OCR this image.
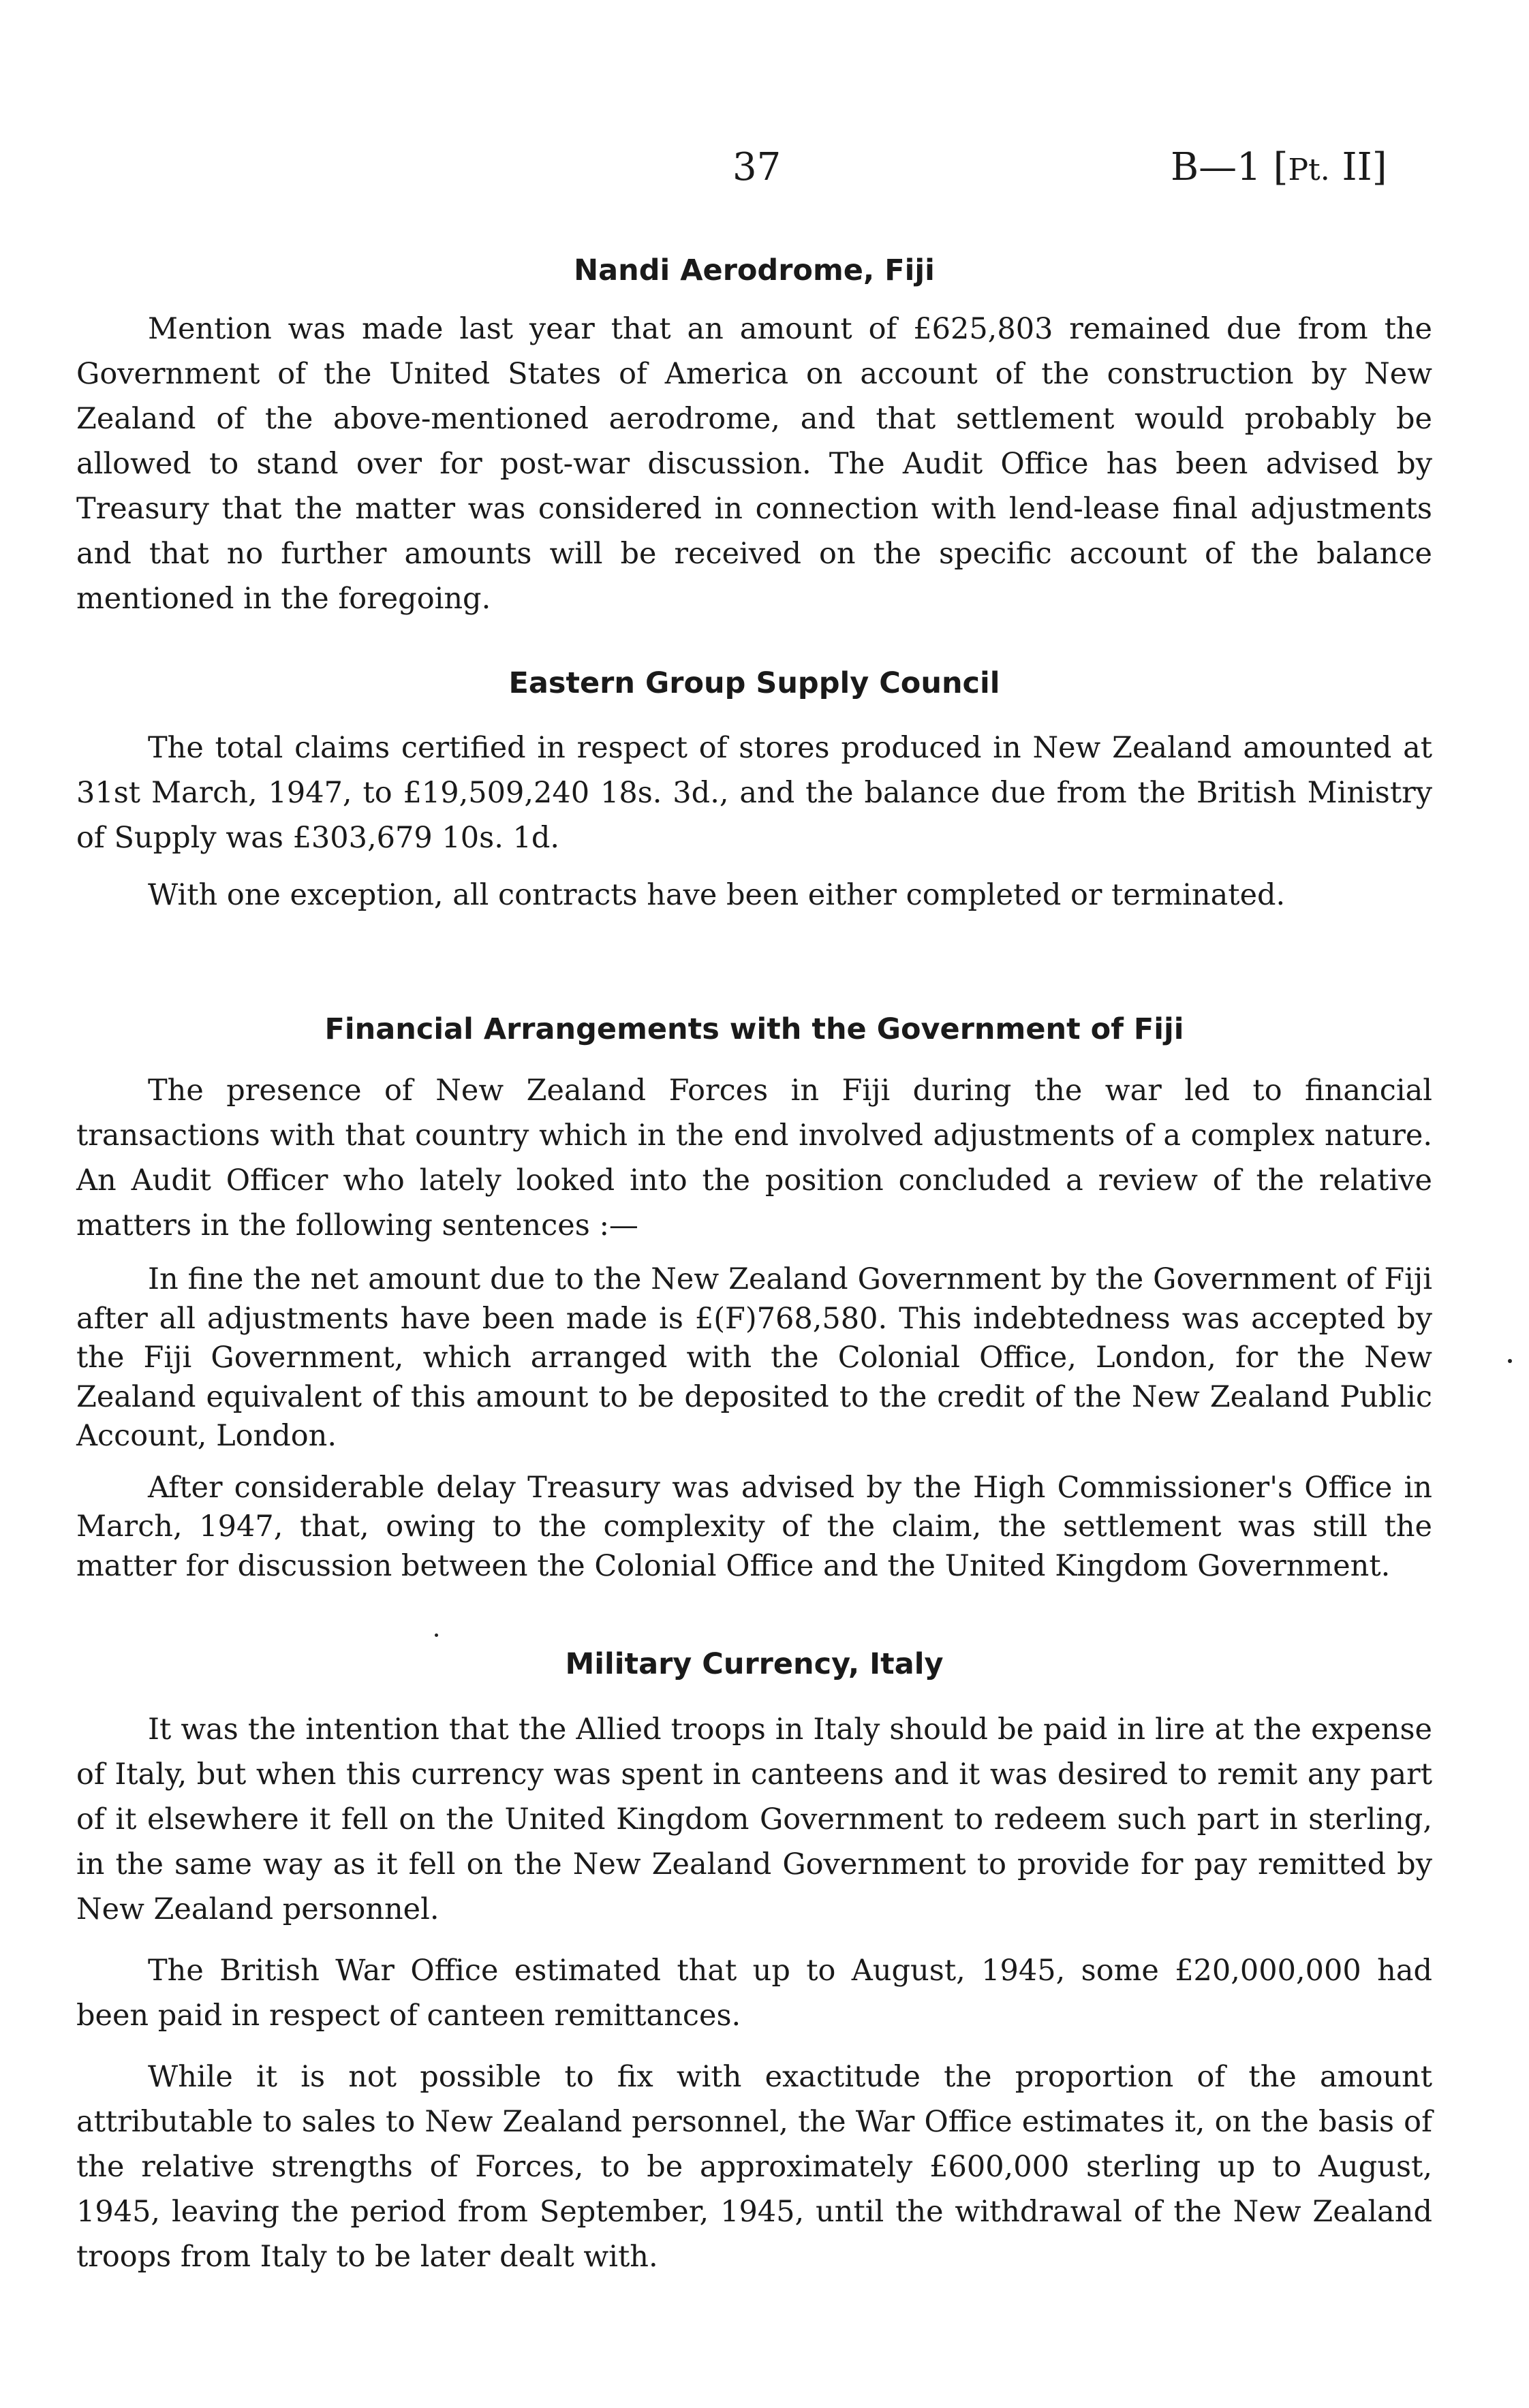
37	B—1 [Pt. II]
Nandi Aerodrome, Fiji

Mention was made last year that an amount of £625,803 remained due from the Government of the United States of America on account of the construction by New Zealand of the above-mentioned aerodrome, and that settlement would probably be allowed to stand over for post-war discussion. The Audit Office has been advised by Treasury that the matter was considered in connection with lend-lease final adjustments and that no further amounts will be received on the specific account of the balance mentioned in the foregoing.

Eastern Group Supply Council

The total claims certified in respect of stores produced in New Zealand amounted at 31st March, 1947, to £19,509,240 18s. 3d., and the balance due from the British Ministry of Supply was £303,679 10s. 1d.

With one exception, all contracts have been either completed or terminated.

Financial Arrangements with the Government of Fiji

The presence of New Zealand Forces in Fiji during the war led to financial transactions with that country which in the end involved adjustments of a complex nature. An Audit Officer who lately looked into the position concluded a review of the relative matters in the following sentences :—

In fine the net amount due to the New Zealand Government by the Government of Fiji after all adjustments have been made is £(F)768,580. This indebtedness was accepted by the Fiji Government, which arranged with the Colonial Office, London, for the New Zealand equivalent of this amount to be deposited to the credit of the New Zealand Public Account, London.

After considerable delay Treasury was advised by the High Commissioner's Office in March, 1947, that, owing to the complexity of the claim, the settlement was still the matter for discussion between the Colonial Office and the United Kingdom Government.

Military Currency, Italy

It was the intention that the Allied troops in Italy should be paid in lire at the expense of Italy, but when this currency was spent in canteens and it was desired to remit any part of it elsewhere it fell on the United Kingdom Government to redeem such part in sterling, in the same way as it fell on the New Zealand Government to provide for pay remitted by New Zealand personnel.

The British War Office estimated that up to August, 1945, some £20,000,000 had been paid in respect of canteen remittances.

While it is not possible to fix with exactitude the proportion of the amount attributable to sales to New Zealand personnel, the War Office estimates it, on the basis of the relative strengths of Forces, to be approximately £600,000 sterling up to August, 1945, leaving the period from September, 1945, until the withdrawal of the New Zealand troops from Italy to be later dealt with.
